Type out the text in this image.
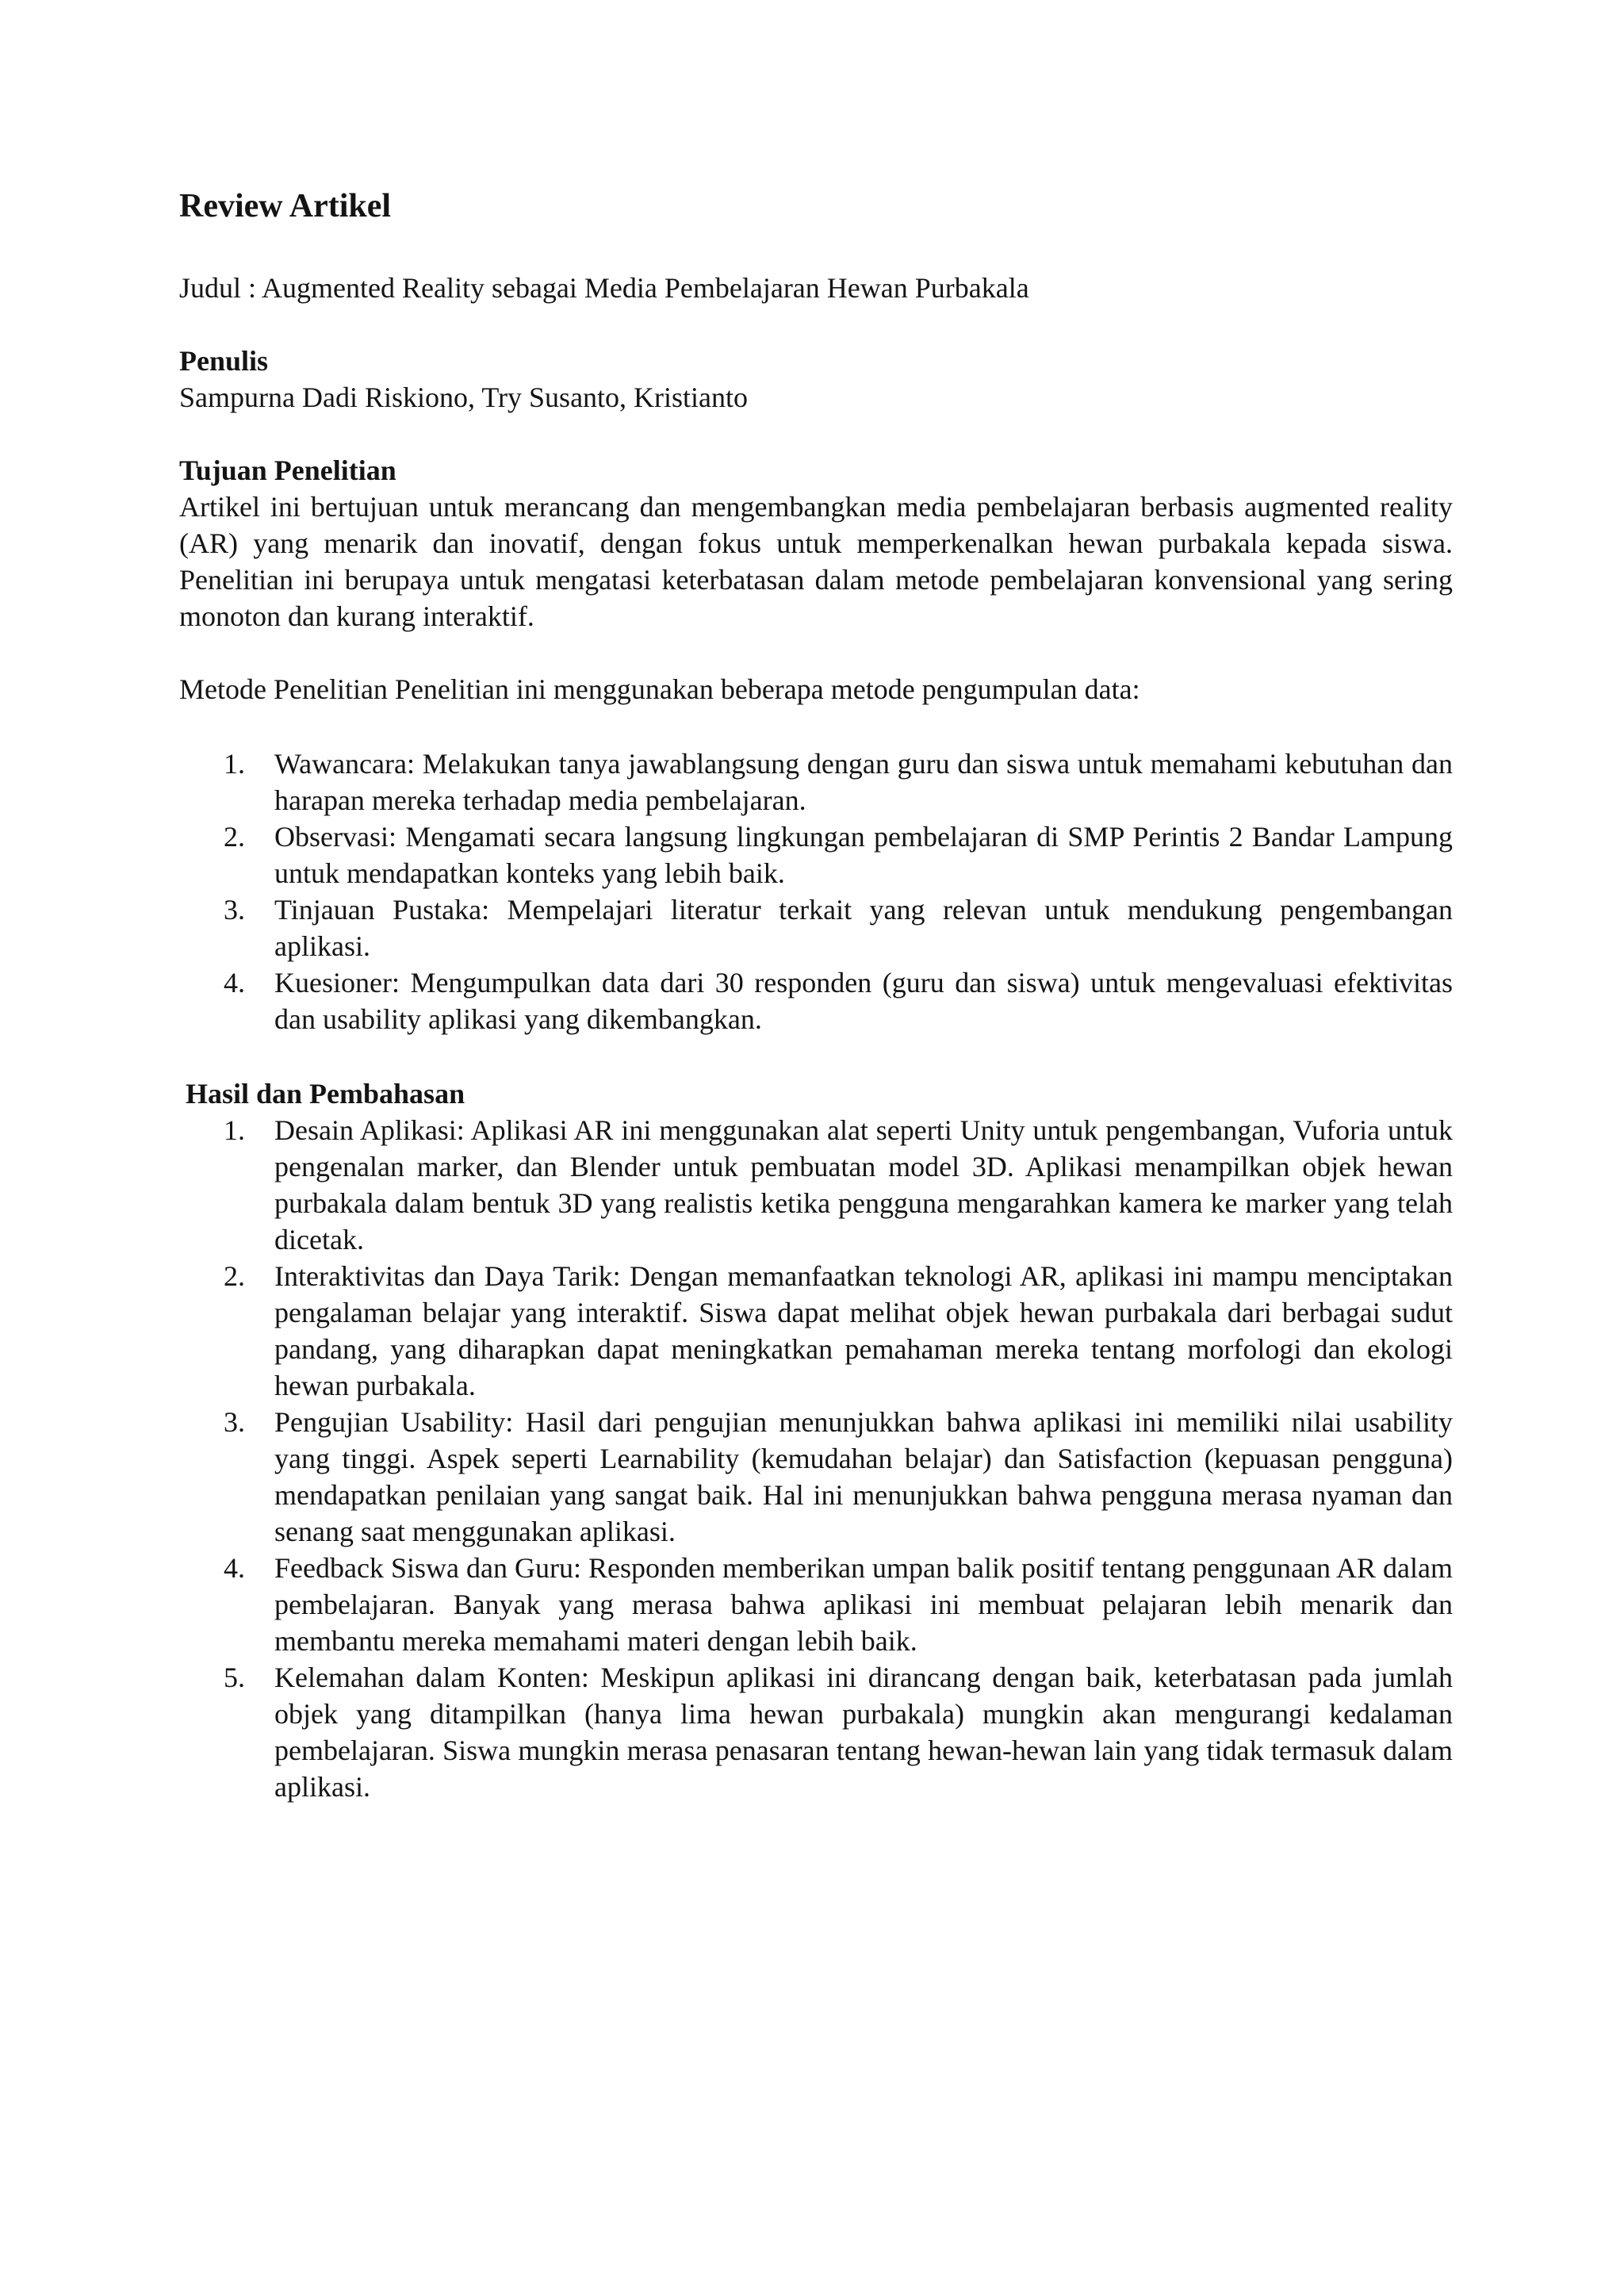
Review Artikel

Judul : Augmented Reality sebagai Media Pembelajaran Hewan Purbakala

Penulis

Sampurna Dadi Riskiono, Try Susanto, Kristianto

Tujuan Penelitian

Artikel ini bertujuan untuk merancang dan mengembangkan media pembelajaran berbasis augmented reality (AR) yang menarik dan inovatif, dengan fokus untuk memperkenalkan hewan purbakala kepada siswa. Penelitian ini berupaya untuk mengatasi keterbatasan dalam metode pembelajaran konvensional yang sering monoton dan kurang interaktif.

Metode Penelitian Penelitian ini menggunakan beberapa metode pengumpulan data:

1.	Wawancara: Melakukan tanya jawablangsung dengan guru dan siswa untuk memahami kebutuhan dan harapan mereka terhadap media pembelajaran.
2.	Observasi: Mengamati secara langsung lingkungan pembelajaran di SMP Perintis 2 Bandar Lampung untuk mendapatkan konteks yang lebih baik.
3.	Tinjauan Pustaka: Mempelajari literatur terkait yang relevan untuk mendukung pengembangan aplikasi.
4.	Kuesioner: Mengumpulkan data dari 30 responden (guru dan siswa) untuk mengevaluasi efektivitas dan usability aplikasi yang dikembangkan.

Hasil dan Pembahasan

1.	Desain Aplikasi: Aplikasi AR ini menggunakan alat seperti Unity untuk pengembangan, Vuforia untuk pengenalan marker, dan Blender untuk pembuatan model 3D. Aplikasi menampilkan objek hewan purbakala dalam bentuk 3D yang realistis ketika pengguna mengarahkan kamera ke marker yang telah dicetak.
2.	Interaktivitas dan Daya Tarik: Dengan memanfaatkan teknologi AR, aplikasi ini mampu menciptakan pengalaman belajar yang interaktif. Siswa dapat melihat objek hewan purbakala dari berbagai sudut pandang, yang diharapkan dapat meningkatkan pemahaman mereka tentang morfologi dan ekologi hewan purbakala.
3.	Pengujian Usability: Hasil dari pengujian menunjukkan bahwa aplikasi ini memiliki nilai usability yang tinggi. Aspek seperti Learnability (kemudahan belajar) dan Satisfaction (kepuasan pengguna) mendapatkan penilaian yang sangat baik. Hal ini menunjukkan bahwa pengguna merasa nyaman dan senang saat menggunakan aplikasi.
4.	Feedback Siswa dan Guru: Responden memberikan umpan balik positif tentang penggunaan AR dalam pembelajaran. Banyak yang merasa bahwa aplikasi ini membuat pelajaran lebih menarik dan membantu mereka memahami materi dengan lebih baik.
5.	Kelemahan dalam Konten: Meskipun aplikasi ini dirancang dengan baik, keterbatasan pada jumlah objek yang ditampilkan (hanya lima hewan purbakala) mungkin akan mengurangi kedalaman pembelajaran. Siswa mungkin merasa penasaran tentang hewan-hewan lain yang tidak termasuk dalam aplikasi.
